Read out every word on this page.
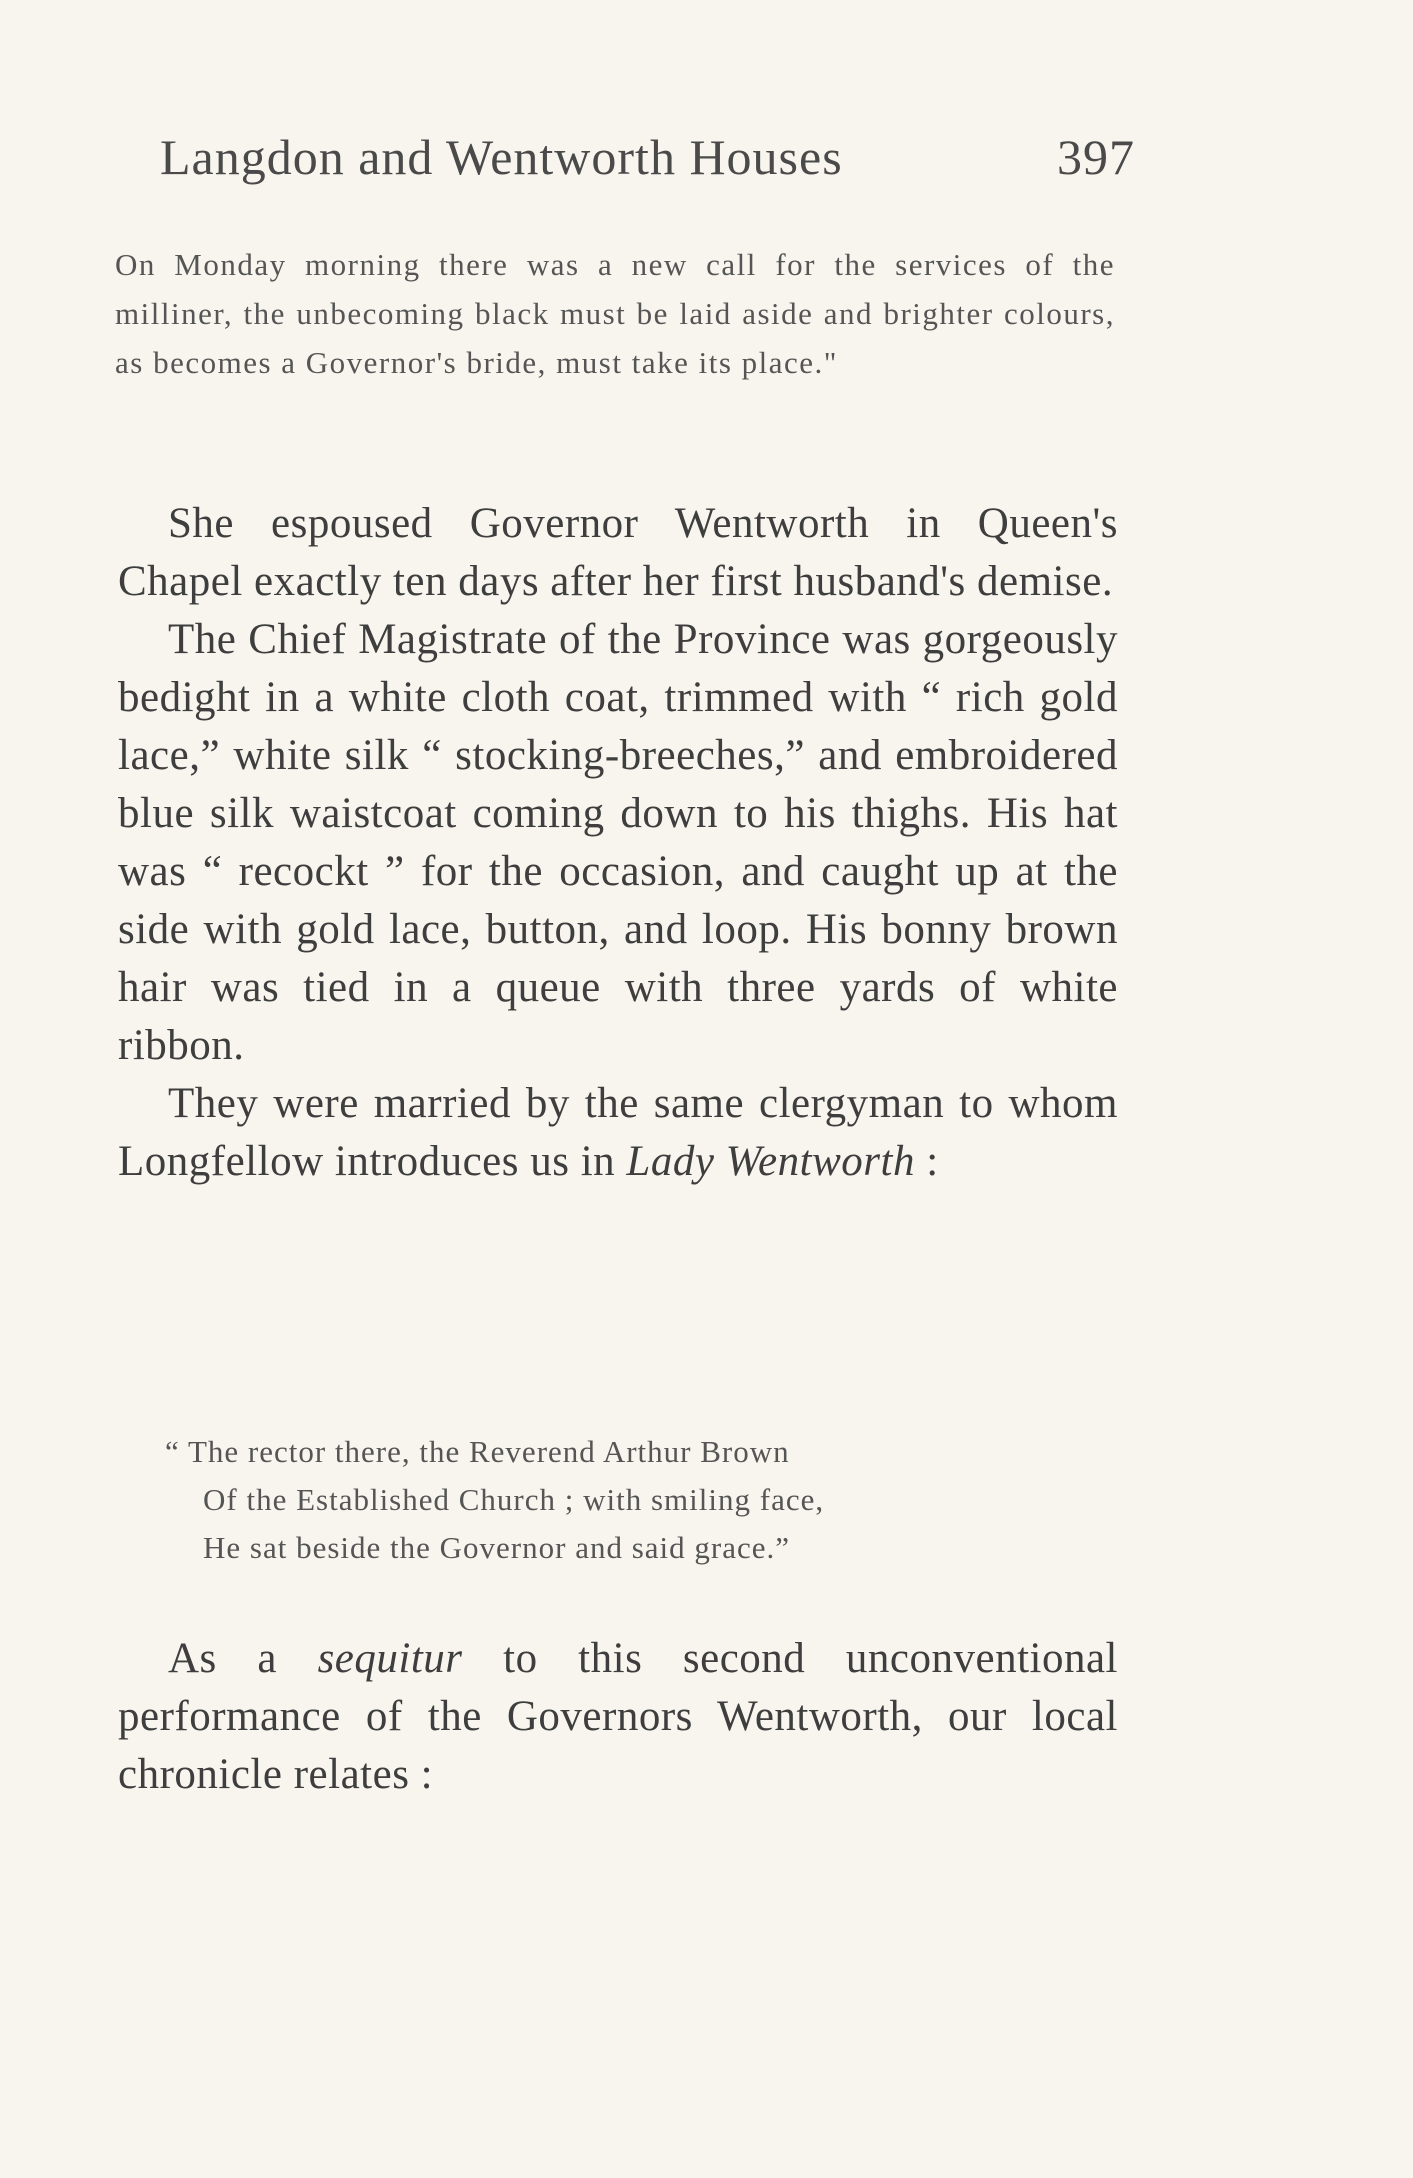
Langdon and Wentworth Houses	397
On Monday morning there was a new call for the services of the milliner, the unbecoming black must be laid aside and brighter colours, as becomes a Governor's bride, must take its place."

She espoused Governor Wentworth in Queen's Chapel exactly ten days after her first husband's demise.

The Chief Magistrate of the Province was gorgeously bedight in a white cloth coat, trimmed with “ rich gold lace,” white silk “ stocking-breeches,” and embroidered blue silk waistcoat coming down to his thighs. His hat was “ recockt ” for the occasion, and caught up at the side with gold lace, button, and loop. His bonny brown hair was tied in a queue with three yards of white ribbon.

They were married by the same clergyman to whom Longfellow introduces us in Lady Wentworth :

“ The rector there, the Reverend Arthur Brown
Of the Established Church ; with smiling face,
He sat beside the Governor and said grace.”

As a sequitur to this second unconventional performance of the Governors Wentworth, our local chronicle relates :
